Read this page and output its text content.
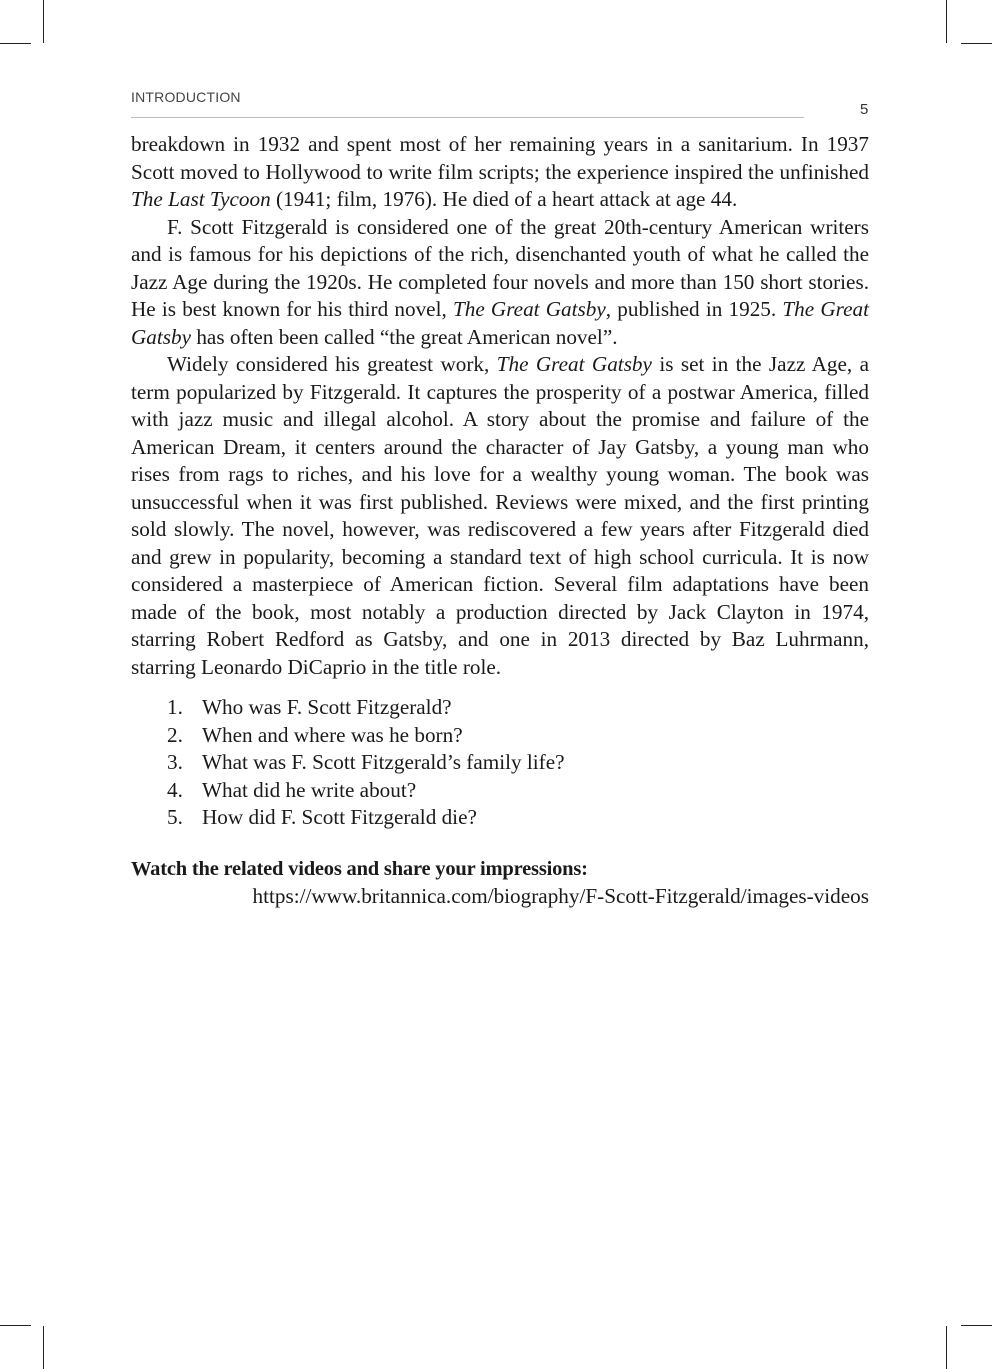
INTRODUCTION
5

breakdown in 1932 and spent most of her remaining years in a sanitarium. In 1937 Scott moved to Hollywood to write film scripts; the experience inspired the unfinished The Last Tycoon (1941; film, 1976). He died of a heart attack at age 44.

F. Scott Fitzgerald is considered one of the great 20th-century American writers and is famous for his depictions of the rich, disenchanted youth of what he called the Jazz Age during the 1920s. He completed four novels and more than 150 short stories. He is best known for his third novel, The Great Gatsby, published in 1925. The Great Gatsby has often been called “the great American novel”.

Widely considered his greatest work, The Great Gatsby is set in the Jazz Age, a term popularized by Fitzgerald. It captures the prosperity of a postwar America, filled with jazz music and illegal alcohol. A story about the promise and failure of the American Dream, it centers around the character of Jay Gatsby, a young man who rises from rags to riches, and his love for a wealthy young woman. The book was unsuccessful when it was first published. Reviews were mixed, and the first printing sold slowly. The novel, however, was rediscovered a few years after Fitzgerald died and grew in popularity, becoming a standard text of high school curricula. It is now considered a masterpiece of American fiction. Several film adaptations have been made of the book, most notably a production directed by Jack Clayton in 1974, starring Robert Redford as Gatsby, and one in 2013 directed by Baz Luhrmann, starring Leonardo DiCaprio in the title role.

1. Who was F. Scott Fitzgerald?
2. When and where was he born?
3. What was F. Scott Fitzgerald’s family life?
4. What did he write about?
5. How did F. Scott Fitzgerald die?

Watch the related videos and share your impressions:

https://www.britannica.com/biography/F-Scott-Fitzgerald/images-videos
